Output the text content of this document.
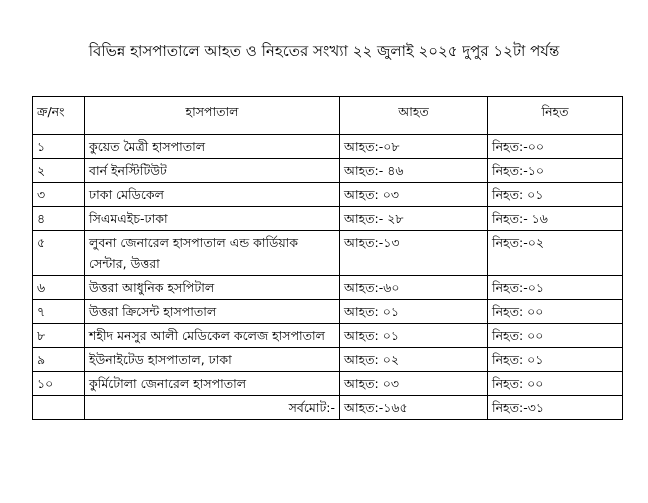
বিভিন্ন হাসপাতালে আহত ও নিহতের সংখ্যা ২২ জুলাই ২০২৫ দুপুর ১২টা পর্যন্ত
ক্র/নং	হাসপাতাল	আহত	নিহত
১	কুয়েত মৈত্রী হাসপাতাল	আহত:-০৮	নিহত:-০০
২	বার্ন ইনস্টিটিউট	আহত:- ৪৬	নিহত:-১০
৩	ঢাকা মেডিকেল	আহত: ০৩	নিহত: ০১
৪	সিএমএইচ-ঢাকা	আহত:- ২৮	নিহত:- ১৬
৫	লুবনা জেনারেল হাসপাতাল এন্ড কার্ডিয়াক সেন্টার, উত্তরা	আহত:-১৩	নিহত:-০২
৬	উত্তরা আধুনিক হসপিটাল	আহত:-৬০	নিহত:-০১
৭	উত্তরা ক্রিসেন্ট হাসপাতাল	আহত: ০১	নিহত: ০০
৮	শহীদ মনসুর আলী মেডিকেল কলেজ হাসপাতাল	আহত: ০১	নিহত: ০০
৯	ইউনাইটেড হাসপাতাল, ঢাকা	আহত: ০২	নিহত: ০১
১০	কুর্মিটোলা জেনারেল হাসপাতাল	আহত: ০৩	নিহত: ০০
	সর্বমোট:-	আহত:-১৬৫	নিহত:-৩১
